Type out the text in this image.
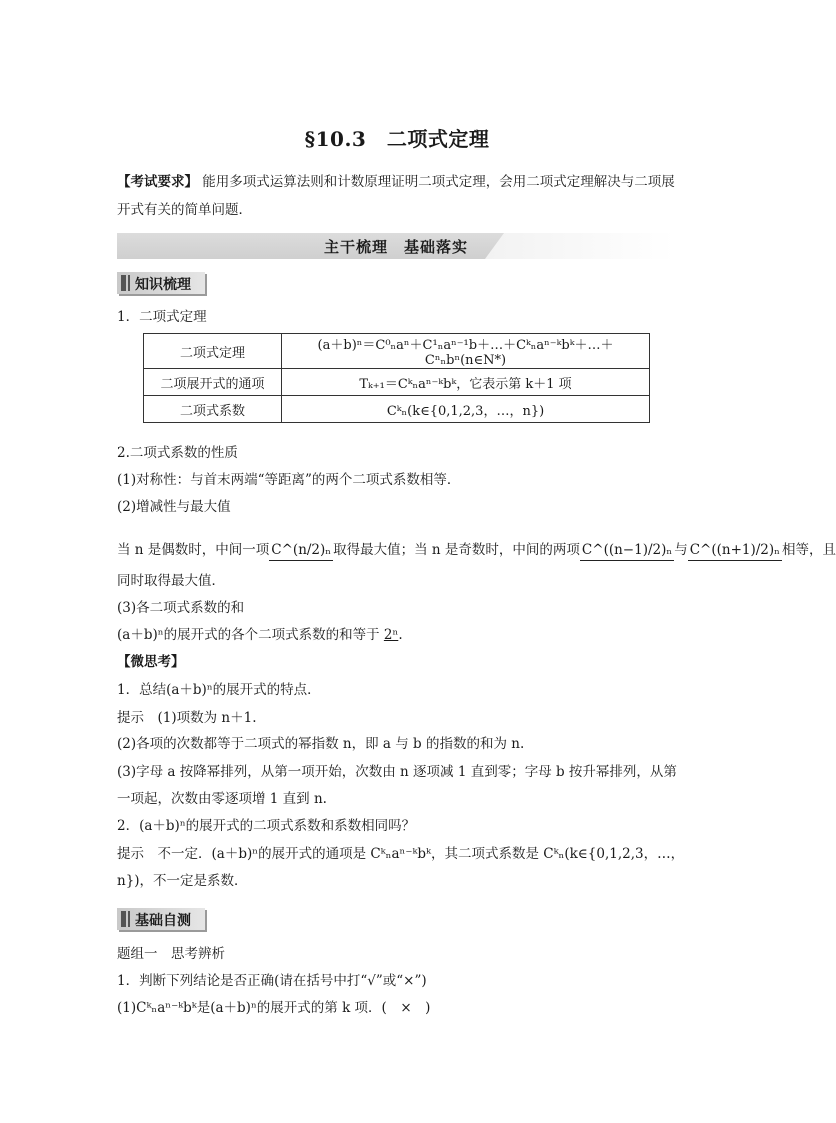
§10.3　二项式定理
【考试要求】 能用多项式运算法则和计数原理证明二项式定理，会用二项式定理解决与二项展
开式有关的简单问题．
主干梳理　基础落实
知识梳理
1．二项式定理
二项式定理	(a＋b)ⁿ＝C⁰ₙaⁿ＋C¹ₙaⁿ⁻¹b＋…＋Cᵏₙaⁿ⁻ᵏbᵏ＋…＋Cⁿₙbⁿ(n∈N*)
二项展开式的通项	Tₖ₊₁＝Cᵏₙaⁿ⁻ᵏbᵏ，它表示第 k＋1 项
二项式系数	Cᵏₙ(k∈{0,1,2,3，…，n})
2.二项式系数的性质
(1)对称性：与首末两端“等距离”的两个二项式系数相等．
(2)增减性与最大值
当 n 是偶数时，中间一项 C^(n/2)ₙ 取得最大值；当 n 是奇数时，中间的两项 C^((n−1)/2)ₙ 与 C^((n+1)/2)ₙ 相等，且
同时取得最大值．
(3)各二项式系数的和
(a＋b)ⁿ的展开式的各个二项式系数的和等于 2ⁿ.
【微思考】
1．总结(a＋b)ⁿ的展开式的特点．
提示　(1)项数为 n＋1.
(2)各项的次数都等于二项式的幂指数 n，即 a 与 b 的指数的和为 n.
(3)字母 a 按降幂排列，从第一项开始，次数由 n 逐项减 1 直到零；字母 b 按升幂排列，从第
一项起，次数由零逐项增 1 直到 n.
2．(a＋b)ⁿ的展开式的二项式系数和系数相同吗？
提示　不一定．(a＋b)ⁿ的展开式的通项是 Cᵏₙaⁿ⁻ᵏbᵏ，其二项式系数是 Cᵏₙ(k∈{0,1,2,3，…，
n})，不一定是系数．
基础自测
题组一　思考辨析
1．判断下列结论是否正确(请在括号中打“√”或“×”)
(1)Cᵏₙaⁿ⁻ᵏbᵏ是(a＋b)ⁿ的展开式的第 k 项．(　×　)
